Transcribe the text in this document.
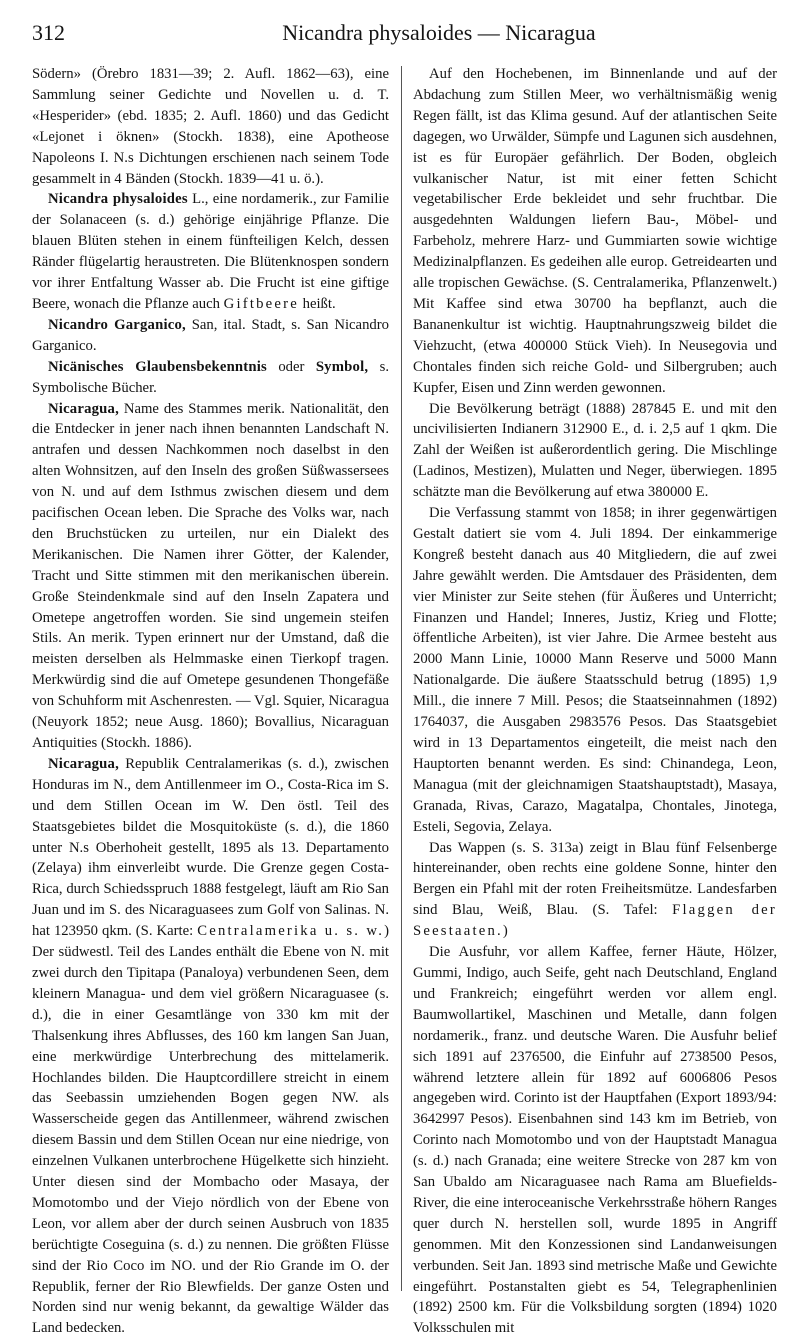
312	Nicandra physaloides — Nicaragua

Södern» (Örebro 1831—39; 2. Aufl. 1862—63), eine Sammlung seiner Gedichte und Novellen u. d. T. «Hesperider» (ebd. 1835; 2. Aufl. 1860) und das Gedicht «Lejonet i öknen» (Stockh. 1838), eine Apotheose Napoleons I. N.s Dichtungen erschienen nach seinem Tode gesammelt in 4 Bänden (Stockh. 1839—41 u. ö.).

Nicandra physaloides L., eine nordamerik., zur Familie der Solanaceen (s. d.) gehörige einjährige Pflanze. Die blauen Blüten stehen in einem fünfteiligen Kelch, dessen Ränder flügelartig heraustreten. Die Blütenknospen sondern vor ihrer Entfaltung Wasser ab. Die Frucht ist eine giftige Beere, wonach die Pflanze auch Giftbeere heißt.

Nicandro Garganico, San, ital. Stadt, s. San Nicandro Garganico.

Nicänisches Glaubensbekenntnis oder Symbol, s. Symbolische Bücher.

Nicaragua, Name des Stammes merik. Nationalität, den die Entdecker in jener nach ihnen benannten Landschaft N. antrafen und dessen Nachkommen noch daselbst in den alten Wohnsitzen, auf den Inseln des großen Süßwassersees von N. und auf dem Isthmus zwischen diesem und dem pacifischen Ocean leben. Die Sprache des Volks war, nach den Bruchstücken zu urteilen, nur ein Dialekt des Merikanischen. Die Namen ihrer Götter, der Kalender, Tracht und Sitte stimmen mit den merikanischen überein. Große Steindenkmale sind auf den Inseln Zapatera und Ometepe angetroffen worden. Sie sind ungemein steifen Stils. An merik. Typen erinnert nur der Umstand, daß die meisten derselben als Helmmaske einen Tierkopf tragen. Merkwürdig sind die auf Ometepe gesundenen Thongefäße von Schuhform mit Aschenresten. — Vgl. Squier, Nicaragua (Neuyork 1852; neue Ausg. 1860); Bovallius, Nicaraguan Antiquities (Stockh. 1886).

Nicaragua, Republik Centralamerikas (s. d.), zwischen Honduras im N., dem Antillenmeer im O., Costa-Rica im S. und dem Stillen Ocean im W. Den östl. Teil des Staatsgebietes bildet die Mosquitoküste (s. d.), die 1860 unter N.s Oberhoheit gestellt, 1895 als 13. Departamento (Zelaya) ihm einverleibt wurde. Die Grenze gegen Costa-Rica, durch Schiedsspruch 1888 festgelegt, läuft am Rio San Juan und im S. des Nicaraguasees zum Golf von Salinas. N. hat 123950 qkm. (S. Karte: Centralamerika u. s. w.) Der südwestl. Teil des Landes enthält die Ebene von N. mit zwei durch den Tipitapa (Panaloya) verbundenen Seen, dem kleinern Managua- und dem viel größern Nicaraguasee (s. d.), die in einer Gesamtlänge von 330 km mit der Thalsenkung ihres Abflusses, des 160 km langen San Juan, eine merkwürdige Unterbrechung des mittelamerik. Hochlandes bilden. Die Hauptcordillere streicht in einem das Seebassin umziehenden Bogen gegen NW. als Wasserscheide gegen das Antillenmeer, während zwischen diesem Bassin und dem Stillen Ocean nur eine niedrige, von einzelnen Vulkanen unterbrochene Hügelkette sich hinzieht. Unter diesen sind der Mombacho oder Masaya, der Momotombo und der Viejo nördlich von der Ebene von Leon, vor allem aber der durch seinen Ausbruch von 1835 berüchtigte Coseguina (s. d.) zu nennen. Die größten Flüsse sind der Rio Coco im NO. und der Rio Grande im O. der Republik, ferner der Rio Blewfields. Der ganze Osten und Norden sind nur wenig bekannt, da gewaltige Wälder das Land bedecken.

Auf den Hochebenen, im Binnenlande und auf der Abdachung zum Stillen Meer, wo verhältnismäßig wenig Regen fällt, ist das Klima gesund. Auf der atlantischen Seite dagegen, wo Urwälder, Sümpfe und Lagunen sich ausdehnen, ist es für Europäer gefährlich. Der Boden, obgleich vulkanischer Natur, ist mit einer fetten Schicht vegetabilischer Erde bekleidet und sehr fruchtbar. Die ausgedehnten Waldungen liefern Bau-, Möbel- und Farbeholz, mehrere Harz- und Gummiarten sowie wichtige Medizinalpflanzen. Es gedeihen alle europ. Getreidearten und alle tropischen Gewächse. (S. Centralamerika, Pflanzenwelt.) Mit Kaffee sind etwa 30700 ha bepflanzt, auch die Bananenkultur ist wichtig. Hauptnahrungszweig bildet die Viehzucht, (etwa 400000 Stück Vieh). In Neusegovia und Chontales finden sich reiche Gold- und Silbergruben; auch Kupfer, Eisen und Zinn werden gewonnen.

Die Bevölkerung beträgt (1888) 287845 E. und mit den uncivilisierten Indianern 312900 E., d. i. 2,5 auf 1 qkm. Die Zahl der Weißen ist außerordentlich gering. Die Mischlinge (Ladinos, Mestizen), Mulatten und Neger, überwiegen. 1895 schätzte man die Bevölkerung auf etwa 380000 E.

Die Verfassung stammt von 1858; in ihrer gegenwärtigen Gestalt datiert sie vom 4. Juli 1894. Der einkammerige Kongreß besteht danach aus 40 Mitgliedern, die auf zwei Jahre gewählt werden. Die Amtsdauer des Präsidenten, dem vier Minister zur Seite stehen (für Äußeres und Unterricht; Finanzen und Handel; Inneres, Justiz, Krieg und Flotte; öffentliche Arbeiten), ist vier Jahre. Die Armee besteht aus 2000 Mann Linie, 10000 Mann Reserve und 5000 Mann Nationalgarde. Die äußere Staatsschuld betrug (1895) 1,9 Mill., die innere 7 Mill. Pesos; die Staatseinnahmen (1892) 1764037, die Ausgaben 2983576 Pesos. Das Staatsgebiet wird in 13 Departamentos eingeteilt, die meist nach den Hauptorten benannt werden. Es sind: Chinandega, Leon, Managua (mit der gleichnamigen Staatshauptstadt), Masaya, Granada, Rivas, Carazo, Magatalpa, Chontales, Jinotega, Esteli, Segovia, Zelaya.

Das Wappen (s. S. 313a) zeigt in Blau fünf Felsenberge hintereinander, oben rechts eine goldene Sonne, hinter den Bergen ein Pfahl mit der roten Freiheitsmütze. Landesfarben sind Blau, Weiß, Blau. (S. Tafel: Flaggen der Seestaaten.)

Die Ausfuhr, vor allem Kaffee, ferner Häute, Hölzer, Gummi, Indigo, auch Seife, geht nach Deutschland, England und Frankreich; eingeführt werden vor allem engl. Baumwollartikel, Maschinen und Metalle, dann folgen nordamerik., franz. und deutsche Waren. Die Ausfuhr belief sich 1891 auf 2376500, die Einfuhr auf 2738500 Pesos, während letztere allein für 1892 auf 6006806 Pesos angegeben wird. Corinto ist der Hauptfahen (Export 1893/94: 3642997 Pesos). Eisenbahnen sind 143 km im Betrieb, von Corinto nach Momotombo und von der Hauptstadt Managua (s. d.) nach Granada; eine weitere Strecke von 287 km von San Ubaldo am Nicaraguasee nach Rama am Bluefields-River, die eine interoceanische Verkehrsstraße höhern Ranges quer durch N. herstellen soll, wurde 1895 in Angriff genommen. Mit den Konzessionen sind Landanweisungen verbunden. Seit Jan. 1893 sind metrische Maße und Gewichte eingeführt. Postanstalten giebt es 54, Telegraphenlinien (1892) 2500 km. Für die Volksbildung sorgten (1894) 1020 Volksschulen mit
